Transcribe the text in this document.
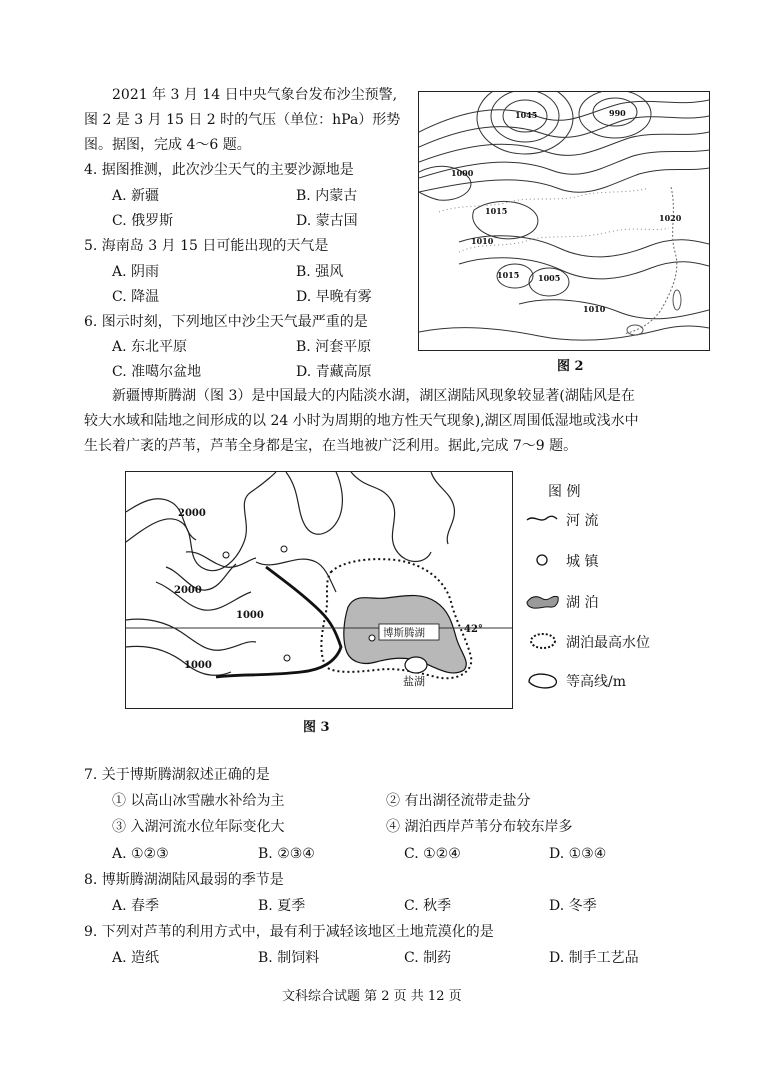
2021 年 3 月 14 日中央气象台发布沙尘预警,
图 2 是 3 月 15 日 2 时的气压（单位：hPa）形势
图。据图，完成 4～6 题。
4. 据图推测，此次沙尘天气的主要沙源地是
A. 新疆	B. 内蒙古
C. 俄罗斯	D. 蒙古国
5. 海南岛 3 月 15 日可能出现的天气是
A. 阴雨	B. 强风
C. 降温	D. 早晚有雾
6. 图示时刻，下列地区中沙尘天气最严重的是
A. 东北平原	B. 河套平原
C. 准噶尔盆地	D. 青藏高原
1045	990
1000
1015
1010
1020
1015 1005
1010
图 2
新疆博斯腾湖（图 3）是中国最大的内陆淡水湖，湖区湖陆风现象较显著(湖陆风是在
较大水域和陆地之间形成的以 24 小时为周期的地方性天气现象),湖区周围低湿地或浅水中
生长着广袤的芦苇，芦苇全身都是宝，在当地被广泛利用。据此,完成 7～9 题。
2000
2000
1000
1000
42°
博斯腾湖
盐湖
图 例
河 流
城 镇
湖 泊
湖泊最高水位
等高线/m
图 3
7. 关于博斯腾湖叙述正确的是
① 以高山冰雪融水补给为主	② 有出湖径流带走盐分
③ 入湖河流水位年际变化大	④ 湖泊西岸芦苇分布较东岸多
A. ①②③	B. ②③④	C. ①②④	D. ①③④
8. 博斯腾湖湖陆风最弱的季节是
A. 春季	B. 夏季	C. 秋季	D. 冬季
9. 下列对芦苇的利用方式中，最有利于减轻该地区土地荒漠化的是
A. 造纸	B. 制饲料	C. 制药	D. 制手工艺品
文科综合试题 第 2 页 共 12 页
